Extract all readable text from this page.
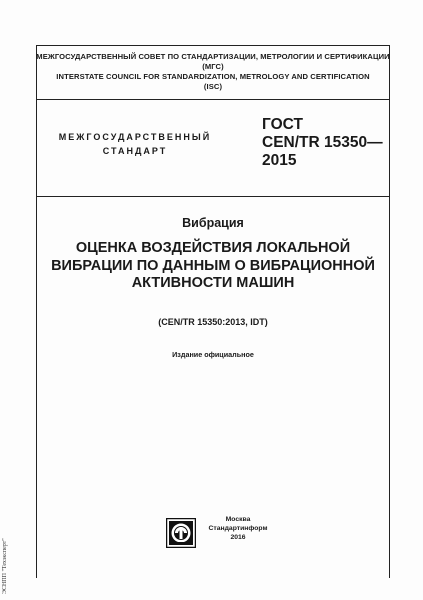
МЕЖГОСУДАРСТВЕННЫЙ СОВЕТ ПО СТАНДАРТИЗАЦИИ, МЕТРОЛОГИИ И СЕРТИФИКАЦИИ
(МГС)
INTERSTATE COUNCIL FOR STANDARDIZATION, METROLOGY AND CERTIFICATION
(ISC)
МЕЖГОСУДАРСТВЕННЫЙ
СТАНДАРТ
ГОСТ
CEN/TR 15350—
2015
Вибрация
ОЦЕНКА ВОЗДЕЙСТВИЯ ЛОКАЛЬНОЙ
ВИБРАЦИИ ПО ДАННЫМ О ВИБРАЦИОННОЙ
АКТИВНОСТИ МАШИН
(CEN/TR 15350:2013, IDT)
Издание официальное
Москва
Стандартинформ
2016
ЭСНПП "Техэксперт"
